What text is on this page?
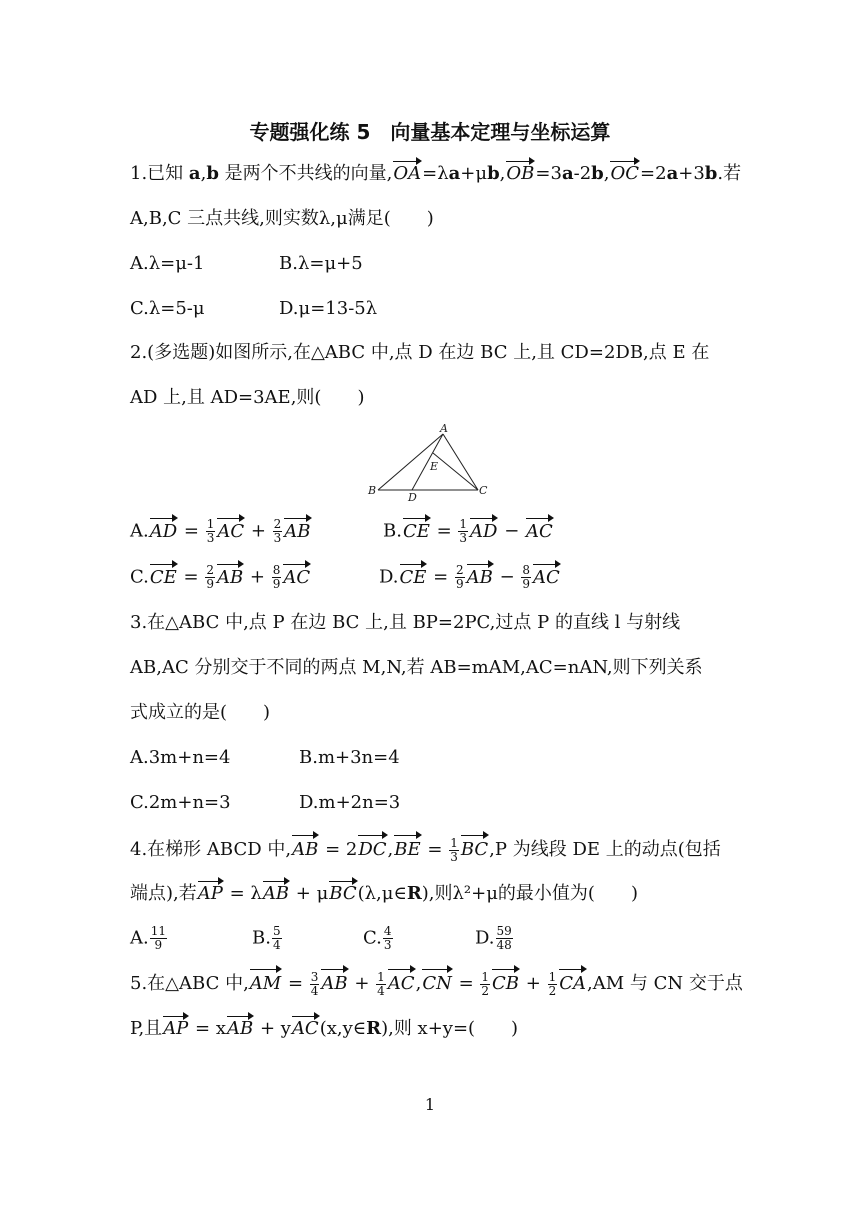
专题强化练 5　向量基本定理与坐标运算
1.已知 a,b 是两个不共线的向量,OA=λa+μb,OB=3a-2b,OC=2a+3b.若
A,B,C 三点共线,则实数λ,μ满足(　　)
A.λ=μ-1	B.λ=μ+5
C.λ=5-μ	D.μ=13-5λ
2.(多选题)如图所示,在△ABC 中,点 D 在边 BC 上,且 CD=2DB,点 E 在
AD 上,且 AD=3AE,则(　　)
A
B	C
D
E
$A.AD = \frac{1}{3}$ AC + $\frac{2}{3}$ AB	$B.CE = \frac{1}{3}$ AD − AC
$C.CE = \frac{2}{9}$ AB + $\frac{8}{9}$ AC	$D.CE = \frac{2}{9}$ AB − $\frac{8}{9}$ AC
3.在△ABC 中,点 P 在边 BC 上,且 BP=2PC,过点 P 的直线 l 与射线
AB,AC 分别交于不同的两点 M,N,若 AB=mAM,AC=nAN,则下列关系
式成立的是(　　)
A.3m+n=4	B.m+3n=4
C.2m+n=3	D.m+2n=3
4.在梯形 ABCD 中$,AB = 2DC,BE = \frac{1}{3} BC,P$ 为线段 DE 上的动点(包括
端点),若AP = λAB + μBC(λ,μ∈R),则λ²+μ的最小值为(　　)
A. $\frac{11}{9}$	B. $\frac{5}{4}$	C. $\frac{4}{3}$	D. $\frac{59}{48}$
5.在△ABC 中$,AM = \frac{3}{4}$ AB + $\frac{1}{4} AC,CN = \frac{1}{2}$ CB + $\frac{1}{2} CA,AM$ 与 CN 交于点
P,且AP = xAB + yAC(x,y∈R),则 x+y=(　　)
1
